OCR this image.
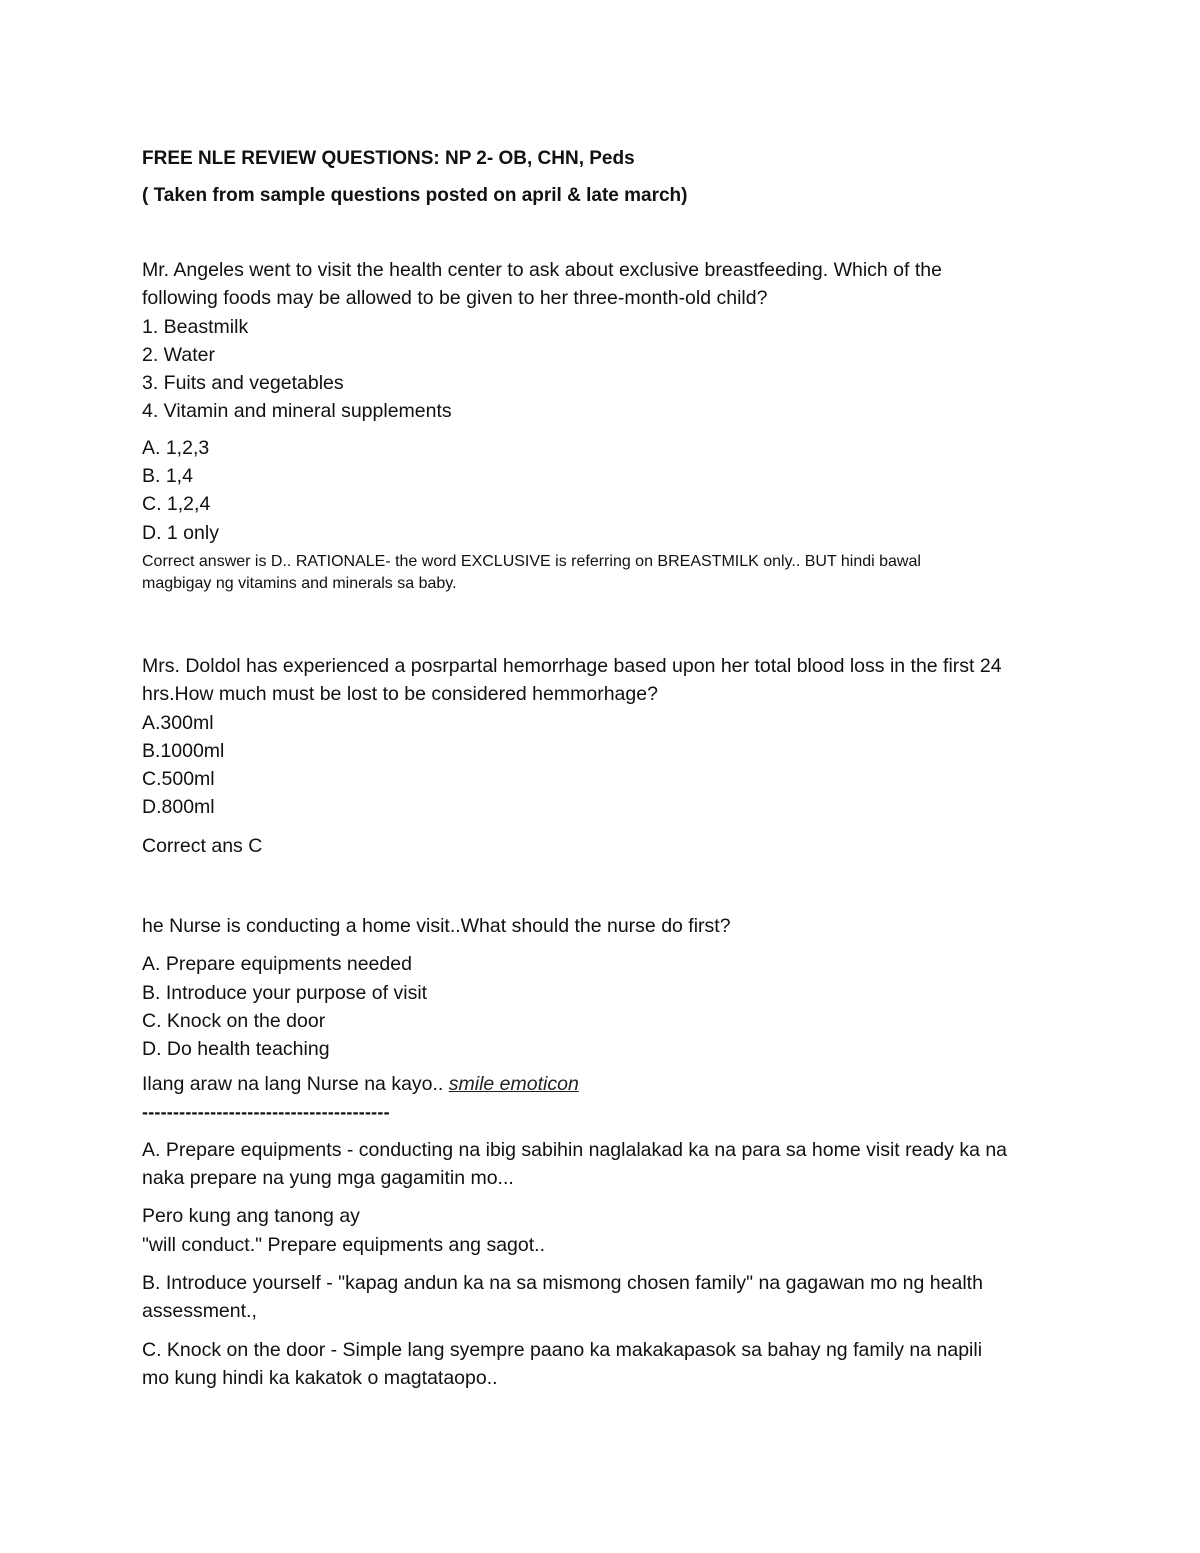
FREE NLE REVIEW QUESTIONS: NP 2- OB, CHN, Peds

( Taken from sample questions posted on april & late march)

Mr. Angeles went to visit the health center to ask about exclusive breastfeeding. Which of the

following foods may be allowed to be given to her three-month-old child?

1. Beastmilk

2. Water

3. Fuits and vegetables

4. Vitamin and mineral supplements

A. 1,2,3

B. 1,4

C. 1,2,4

D. 1 only

Correct answer is D.. RATIONALE- the word EXCLUSIVE is referring on BREASTMILK only.. BUT hindi bawal

magbigay ng vitamins and minerals sa baby.

Mrs. Doldol has experienced a posrpartal hemorrhage based upon her total blood loss in the first 24

hrs.How much must be lost to be considered hemmorhage?

A.300ml

B.1000ml

C.500ml

D.800ml

Correct ans C

he Nurse is conducting a home visit..What should the nurse do first?

A. Prepare equipments needed

B. Introduce your purpose of visit

C. Knock on the door

D. Do health teaching

Ilang araw na lang Nurse na kayo.. smile emoticon

----------------------------------------

A. Prepare equipments - conducting na ibig sabihin naglalakad ka na para sa home visit ready ka na

naka prepare na yung mga gagamitin mo...

Pero kung ang tanong ay

"will conduct." Prepare equipments ang sagot..

B. Introduce yourself - "kapag andun ka na sa mismong chosen family" na gagawan mo ng health

assessment.,

C. Knock on the door - Simple lang syempre paano ka makakapasok sa bahay ng family na napili

mo kung hindi ka kakatok o magtataopo..
